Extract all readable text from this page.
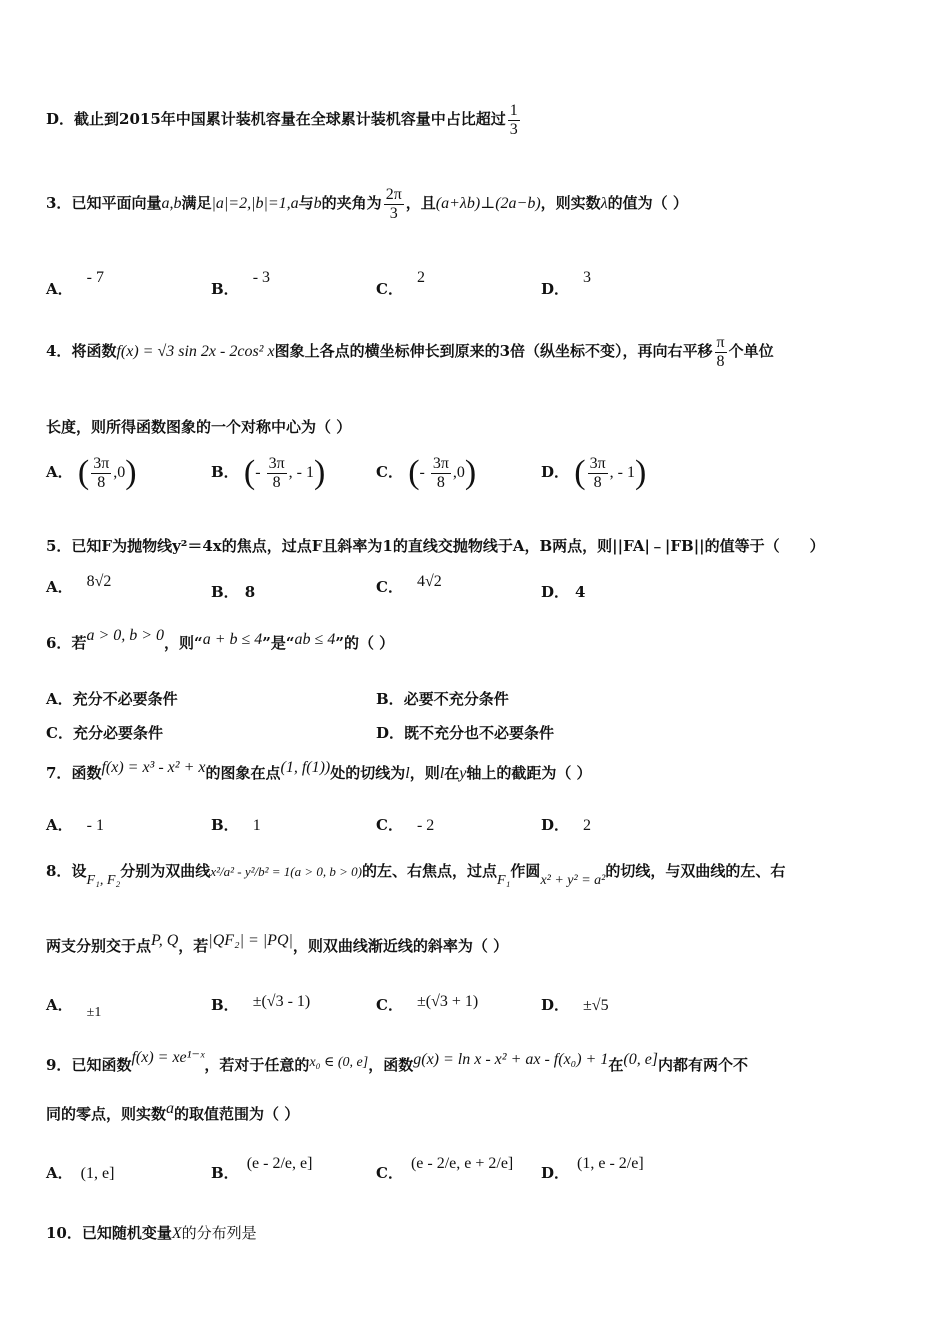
D．截止到2015年中国累计装机容量在全球累计装机容量中占比超过 $\frac{1}{3}$
3．已知平面向量a,b满足|a|=2,|b|=1,a与b的夹角为 $\frac{2\pi}{3}$ ，且(a+λb)⊥(2a−b)，则实数λ的值为（ ）
A．- 7
B．- 3
C．2
D．3
4．将函数f(x) = √3 sin 2x - 2cos² x图象上各点的横坐标伸长到原来的3倍（纵坐标不变），再向右平移 $\frac{\pi}{8}$ 个单位
长度，则所得函数图象的一个对称中心为（ ）
A． ( $\frac{3\pi}{8} ,0$)	B． (- $\frac{3\pi}{8}$ , - 1)	C． (- $\frac{3\pi}{8} ,0$)	D． ( $\frac{3\pi}{8}$ , - 1)
5．已知F为抛物线y²＝4x的焦点，过点F且斜率为1的直线交抛物线于A，B两点，则||FA|﹣|FB||的值等于（　　）
A． 8√2
B． 8	C． 4√2
D． 4
6．若a > 0, b > 0，则“a + b ≤ 4”是“ab ≤ 4”的（ ）
A．充分不必要条件	B．必要不充分条件
C．充分必要条件	D．既不充分也不必要条件
7．函数f(x) = x³ - x² + x的图象在点(1, f(1))处的切线为l，则l在y轴上的截距为（ ）
A． - 1	B． 1	C． - 2	D． 2
8．设F₁, F₂分别为双曲线x²/a² - y²/b² = 1(a > 0, b > 0)的左、右焦点，过点F₁作圆x² + y² = a²的切线，与双曲线的左、右
两支分别交于点P, Q，若|QF₂| = |PQ|，则双曲线渐近线的斜率为（ ）
A． ±1	B． ±(√3 - 1)	C． ±(√3 + 1)	D． ±√5
9．已知函数f(x) = xe¹⁻ˣ，若对于任意的x₀ ∈ (0, e]，函数g(x) = ln x - x² + ax - f(x₀) + 1在(0, e]内都有两个不
同的零点，则实数a的取值范围为（ ）
A． (1, e]	B．(e - 2/e, e]
C．(e - 2/e, e + 2/e]
D．(1, e - 2/e]
10．已知随机变量X的分布列是
